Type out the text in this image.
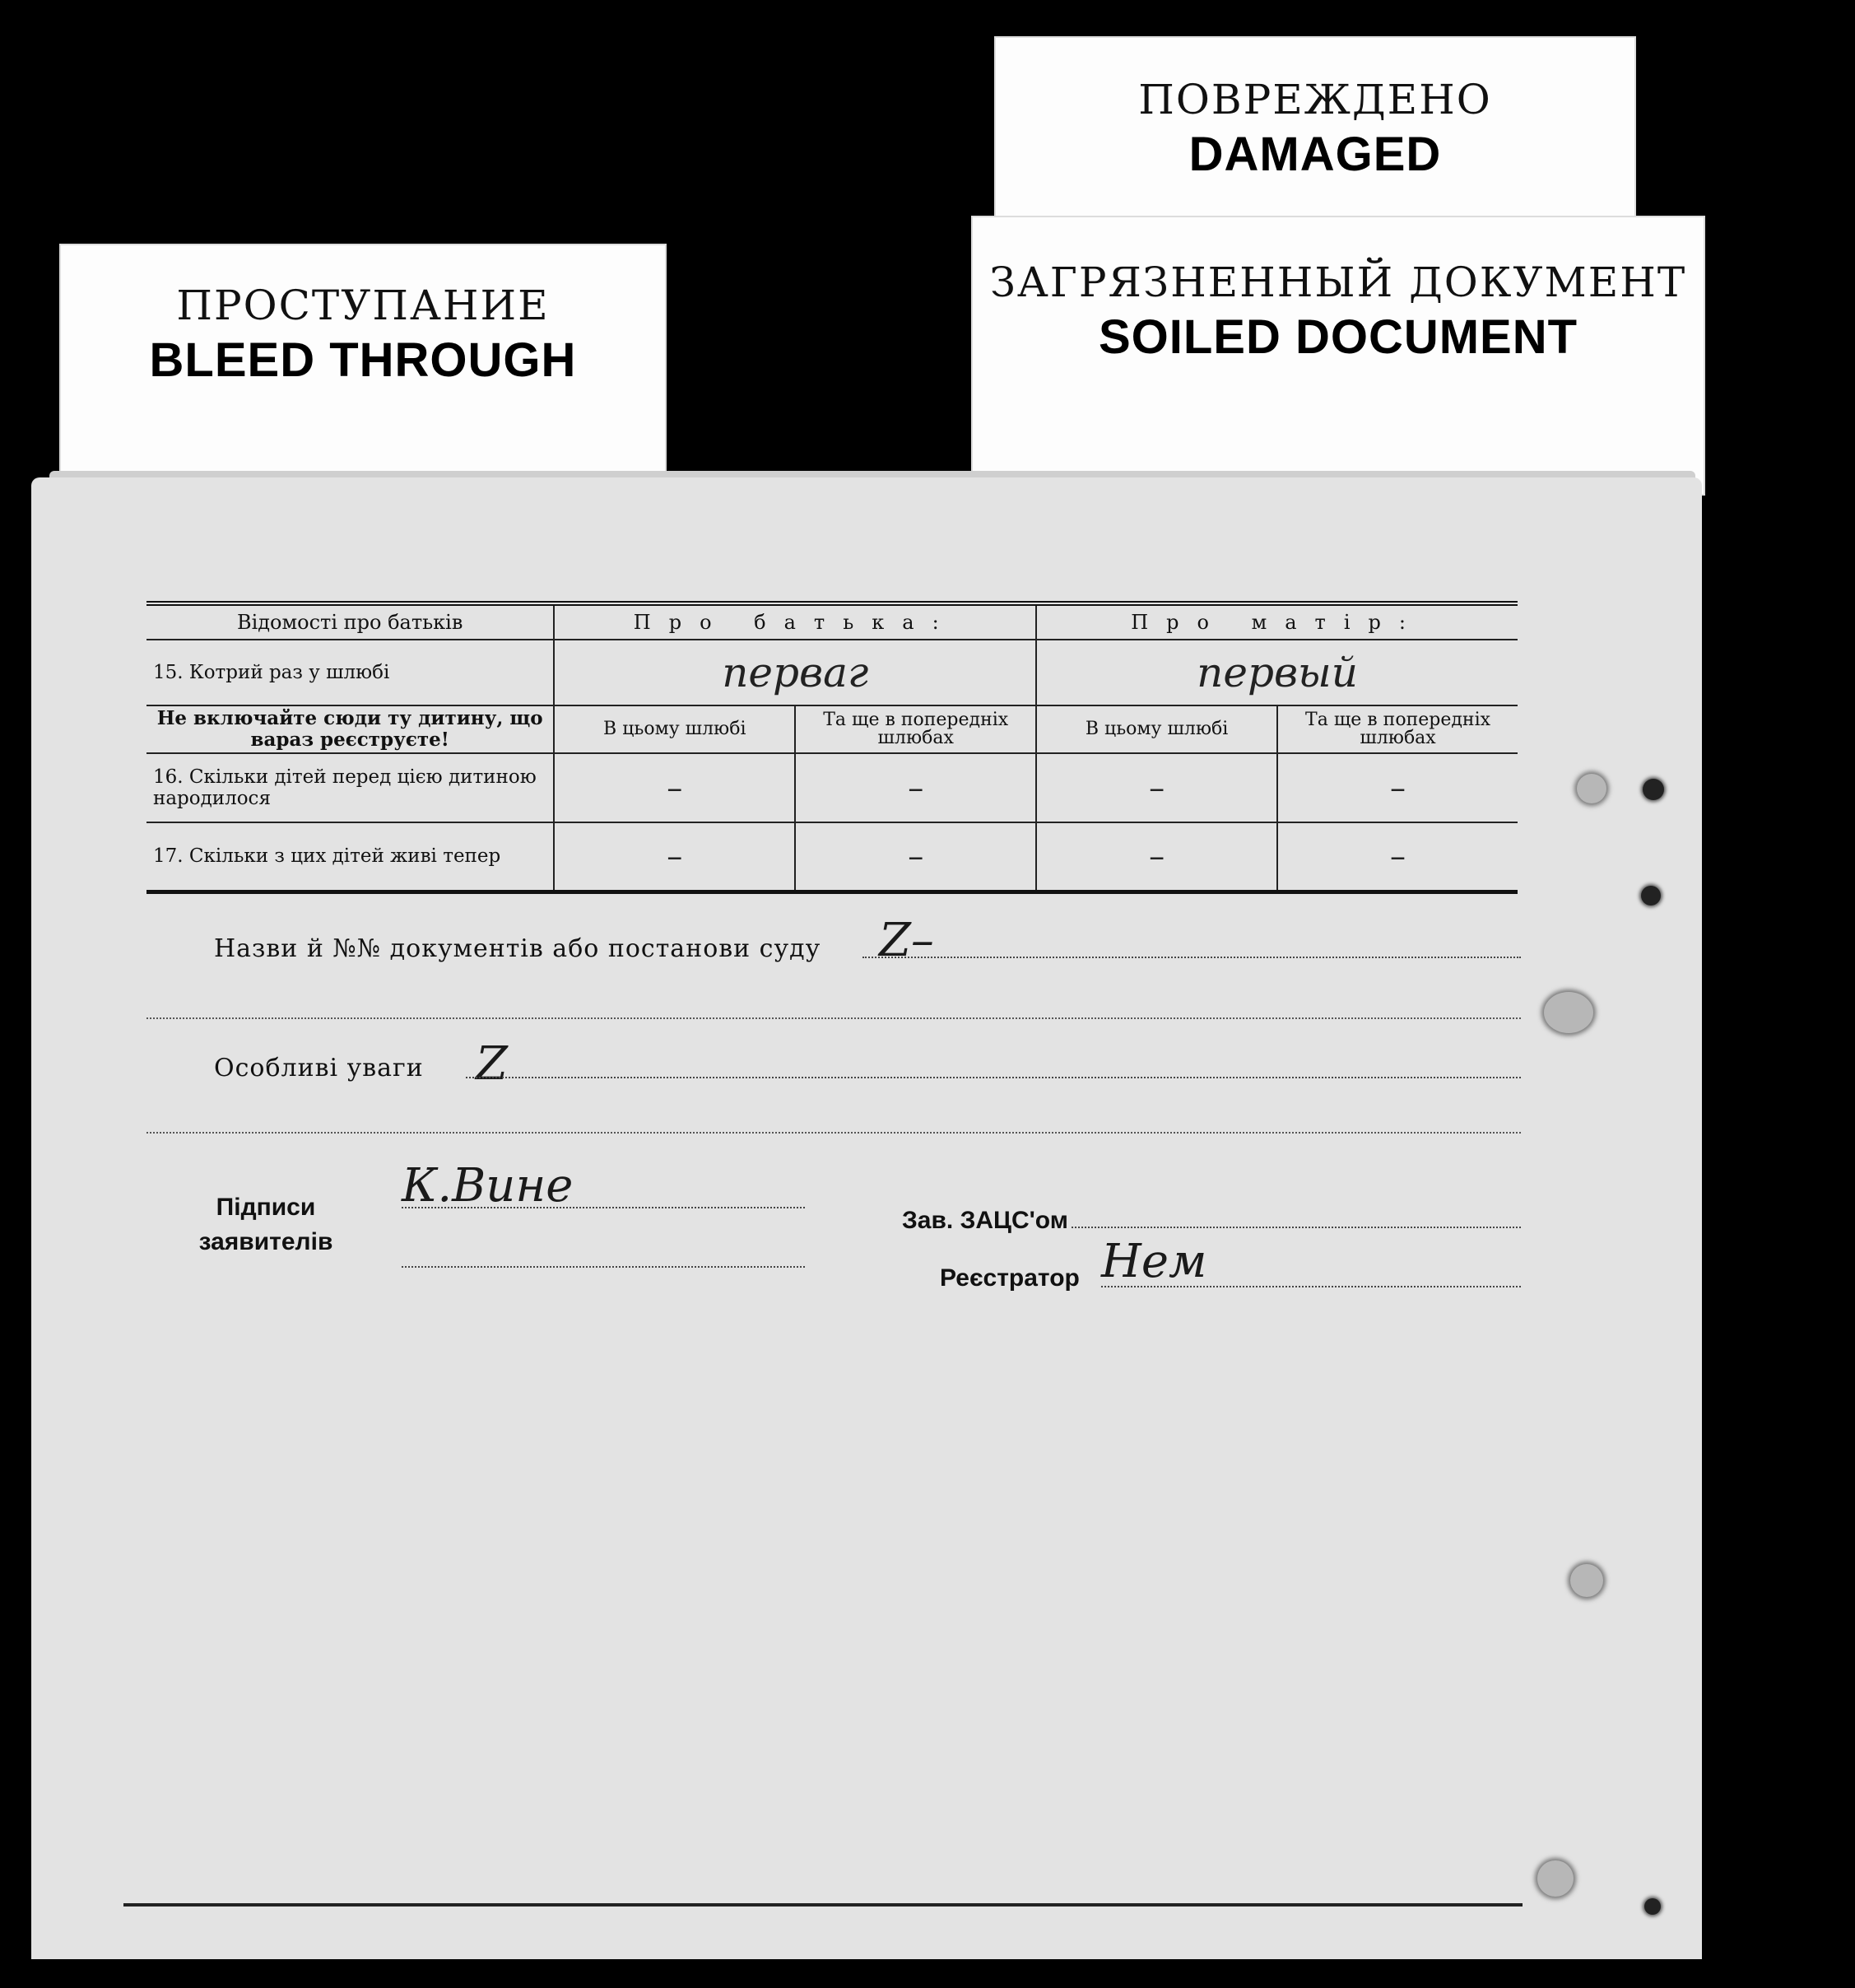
ПРОСТУПАНИЕ
BLEED THROUGH
ПОВРЕЖДЕНО
DAMAGED
ЗАГРЯЗНЕННЫЙ ДОКУМЕНТ
SOILED DOCUMENT
Відомості про батьків	Про батька:		Про матір:	
15. Котрий раз у шлюбі	перваг		первый	
Не включайте сюди ту дитину, що вараз реєструєте!	В цьому шлюбі	Та ще в попередніх шлюбах	В цьому шлюбі	Та ще в попередніх шлюбах
16. Скільки дітей перед цією дитиною народилося	–	–	–	–
17. Скільки з цих дітей живі тепер	–	–	–	–
Назви й №№ документів або постанови суду Z–
Особливі уваги Z
Підписи заявителів
К.Вине
Зав. ЗАЦС'ом
Реєстратор Нем
